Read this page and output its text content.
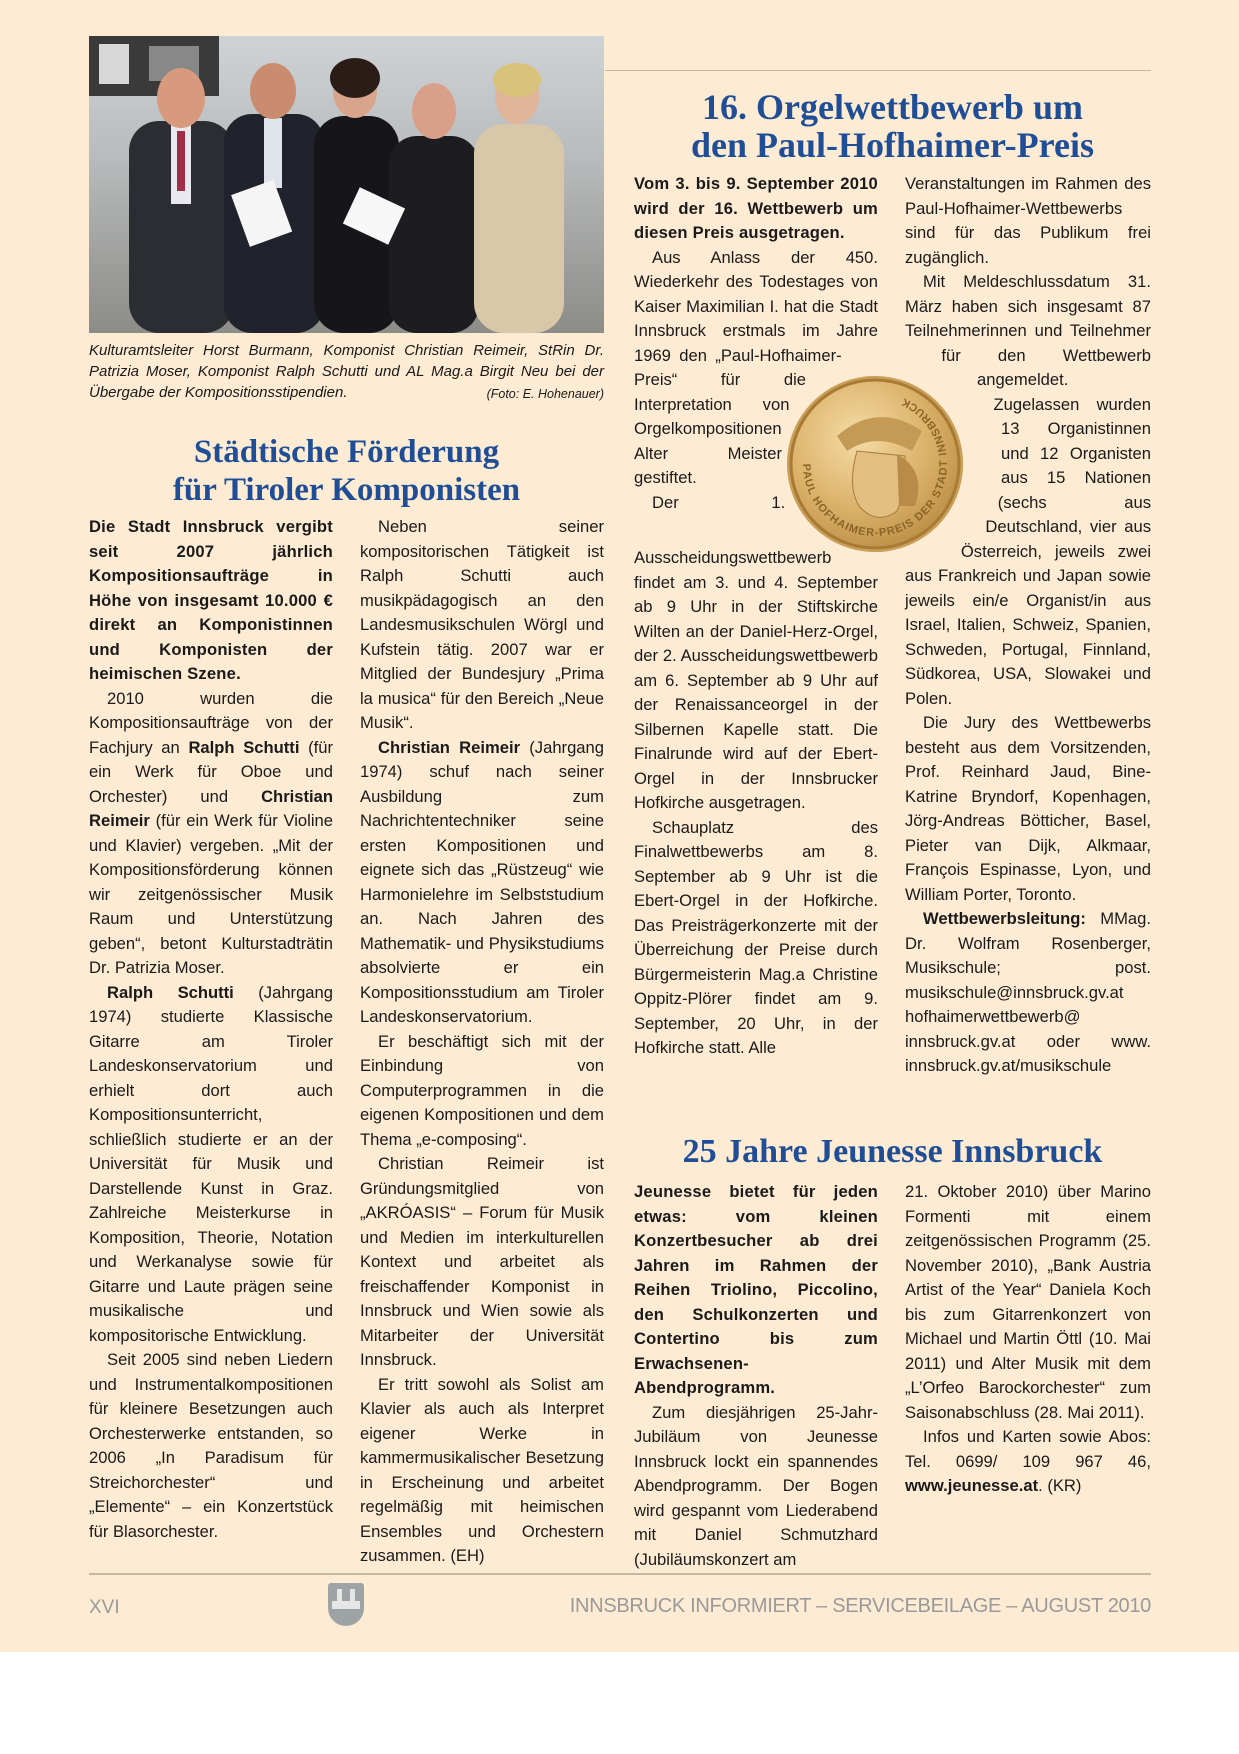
Kulturamtsleiter Horst Burmann, Komponist Christian Reimeir, StRin Dr. Patrizia Moser, Komponist Ralph Schutti und AL Mag.a Birgit Neu bei der Übergabe der Kompositionsstipendien.	(Foto: E. Hohenauer)
Städtische Förderung
für Tiroler Komponisten

Die Stadt Innsbruck vergibt seit 2007 jährlich Kompositionsaufträge in Höhe von insgesamt 10.000 € direkt an Komponistinnen und Komponisten der heimischen Szene.

2010 wurden die Kompositionsaufträge von der Fachjury an Ralph Schutti (für ein Werk für Oboe und Orchester) und Christian Reimeir (für ein Werk für Violine und Klavier) vergeben. „Mit der Kompositionsförderung können wir zeitgenössischer Musik Raum und Unterstützung geben“, betont Kulturstadträtin Dr. Patrizia Moser.

Ralph Schutti (Jahrgang 1974) studierte Klassische Gitarre am Tiroler Landeskonservatorium und erhielt dort auch Kompositionsunterricht, schließlich studierte er an der Universität für Musik und Darstellende Kunst in Graz. Zahlreiche Meisterkurse in Komposition, Theorie, Notation und Werkanalyse sowie für Gitarre und Laute prägen seine musikalische und kompositorische Entwicklung.

Seit 2005 sind neben Liedern und Instrumentalkompositionen für kleinere Besetzungen auch Orchesterwerke entstanden, so 2006 „In Paradisum für Streichorchester“ und „Elemente“ – ein Konzertstück für Blasorchester.

Neben seiner kompositorischen Tätigkeit ist Ralph Schutti auch musikpädagogisch an den Landesmusikschulen Wörgl und Kufstein tätig. 2007 war er Mitglied der Bundesjury „Prima la musica“ für den Bereich „Neue Musik“.

Christian Reimeir (Jahrgang 1974) schuf nach seiner Ausbildung zum Nachrichtentechniker seine ersten Kompositionen und eignete sich das „Rüstzeug“ wie Harmonielehre im Selbststudium an. Nach Jahren des Mathematik- und Physikstudiums absolvierte er ein Kompositionsstudium am Tiroler Landeskonservatorium.

Er beschäftigt sich mit der Einbindung von Computerprogrammen in die eigenen Kompositionen und dem Thema „e-composing“.

Christian Reimeir ist Gründungsmitglied von „AKRÓASIS“ – Forum für Musik und Medien im interkulturellen Kontext und arbeitet als freischaffender Komponist in Innsbruck und Wien sowie als Mitarbeiter der Universität Innsbruck.

Er tritt sowohl als Solist am Klavier als auch als Interpret eigener Werke in kammermusikalischer Besetzung in Erscheinung und arbeitet regelmäßig mit heimischen Ensembles und Orchestern zusammen. (EH)

16. Orgelwettbewerb um
den Paul-Hofhaimer-Preis

Vom 3. bis 9. September 2010 wird der 16. Wettbewerb um diesen Preis ausgetragen.

Aus Anlass der 450. Wiederkehr des Todestages von Kaiser Maximilian I. hat die Stadt Innsbruck erstmals im Jahre 1969 den „Paul-Hofhaimer-Preis“ für die Interpretation von Orgelkompositionen Alter Meister gestiftet.

Der 1. Ausscheidungswettbewerb findet am 3. und 4. September ab 9 Uhr in der Stiftskirche Wilten an der Daniel-Herz-Orgel, der 2. Ausscheidungswettbewerb am 6. September ab 9 Uhr auf der Renaissanceorgel in der Silbernen Kapelle statt. Die Finalrunde wird auf der Ebert-Orgel in der Innsbrucker Hofkirche ausgetragen.

Schauplatz des Finalwettbewerbs am 8. September ab 9 Uhr ist die Ebert-Orgel in der Hofkirche. Das Preisträgerkonzerte mit der Überreichung der Preise durch Bürgermeisterin Mag.a Christine Oppitz-Plörer findet am 9. September, 20 Uhr, in der Hofkirche statt. Alle

Veranstaltungen im Rahmen des Paul-Hofhaimer-Wettbewerbs sind für das Publikum frei zugänglich.

Mit Meldeschlussdatum 31. März haben sich insgesamt 87 Teilnehmerinnen und Teilnehmer für den Wettbewerb angemeldet. Zugelassen wurden 13 Organistinnen und 12 Organisten aus 15 Nationen (sechs aus Deutschland, vier aus Österreich, jeweils zwei aus Frankreich und Japan sowie jeweils ein/e Organist/in aus Israel, Italien, Schweiz, Spanien, Schweden, Portugal, Finnland, Südkorea, USA, Slowakei und Polen.

Die Jury des Wettbewerbs besteht aus dem Vorsitzenden, Prof. Reinhard Jaud, Bine-Katrine Bryndorf, Kopenhagen, Jörg-Andreas Bötticher, Basel, Pieter van Dijk, Alkmaar, François Espinasse, Lyon, und William Porter, Toronto.

Wettbewerbsleitung: MMag. Dr. Wolfram Rosenberger, Musikschule; post. musikschule@innsbruck.gv.at hofhaimerwettbewerb@ innsbruck.gv.at oder www. innsbruck.gv.at/musikschule

PAUL HOFHAIMER-PREIS DER STADT INNSBRUCK
25 Jahre Jeunesse Innsbruck

Jeunesse bietet für jeden etwas: vom kleinen Konzertbesucher ab drei Jahren im Rahmen der Reihen Triolino, Piccolino, den Schulkonzerten und Contertino bis zum Erwachsenen-Abendprogramm.

Zum diesjährigen 25-Jahr-Jubiläum von Jeunesse Innsbruck lockt ein spannendes Abendprogramm. Der Bogen wird gespannt vom Liederabend mit Daniel Schmutzhard (Jubiläumskonzert am

21. Oktober 2010) über Marino Formenti mit einem zeitgenössischen Programm (25. November 2010), „Bank Austria Artist of the Year“ Daniela Koch bis zum Gitarrenkonzert von Michael und Martin Öttl (10. Mai 2011) und Alter Musik mit dem „L’Orfeo Barockorchester“ zum Saisonabschluss (28. Mai 2011).

Infos und Karten sowie Abos: Tel. 0699/ 109 967 46, www.jeunesse.at. (KR)

XVI	INNSBRUCK INFORMIERT – SERVICEBEILAGE – AUGUST 2010
